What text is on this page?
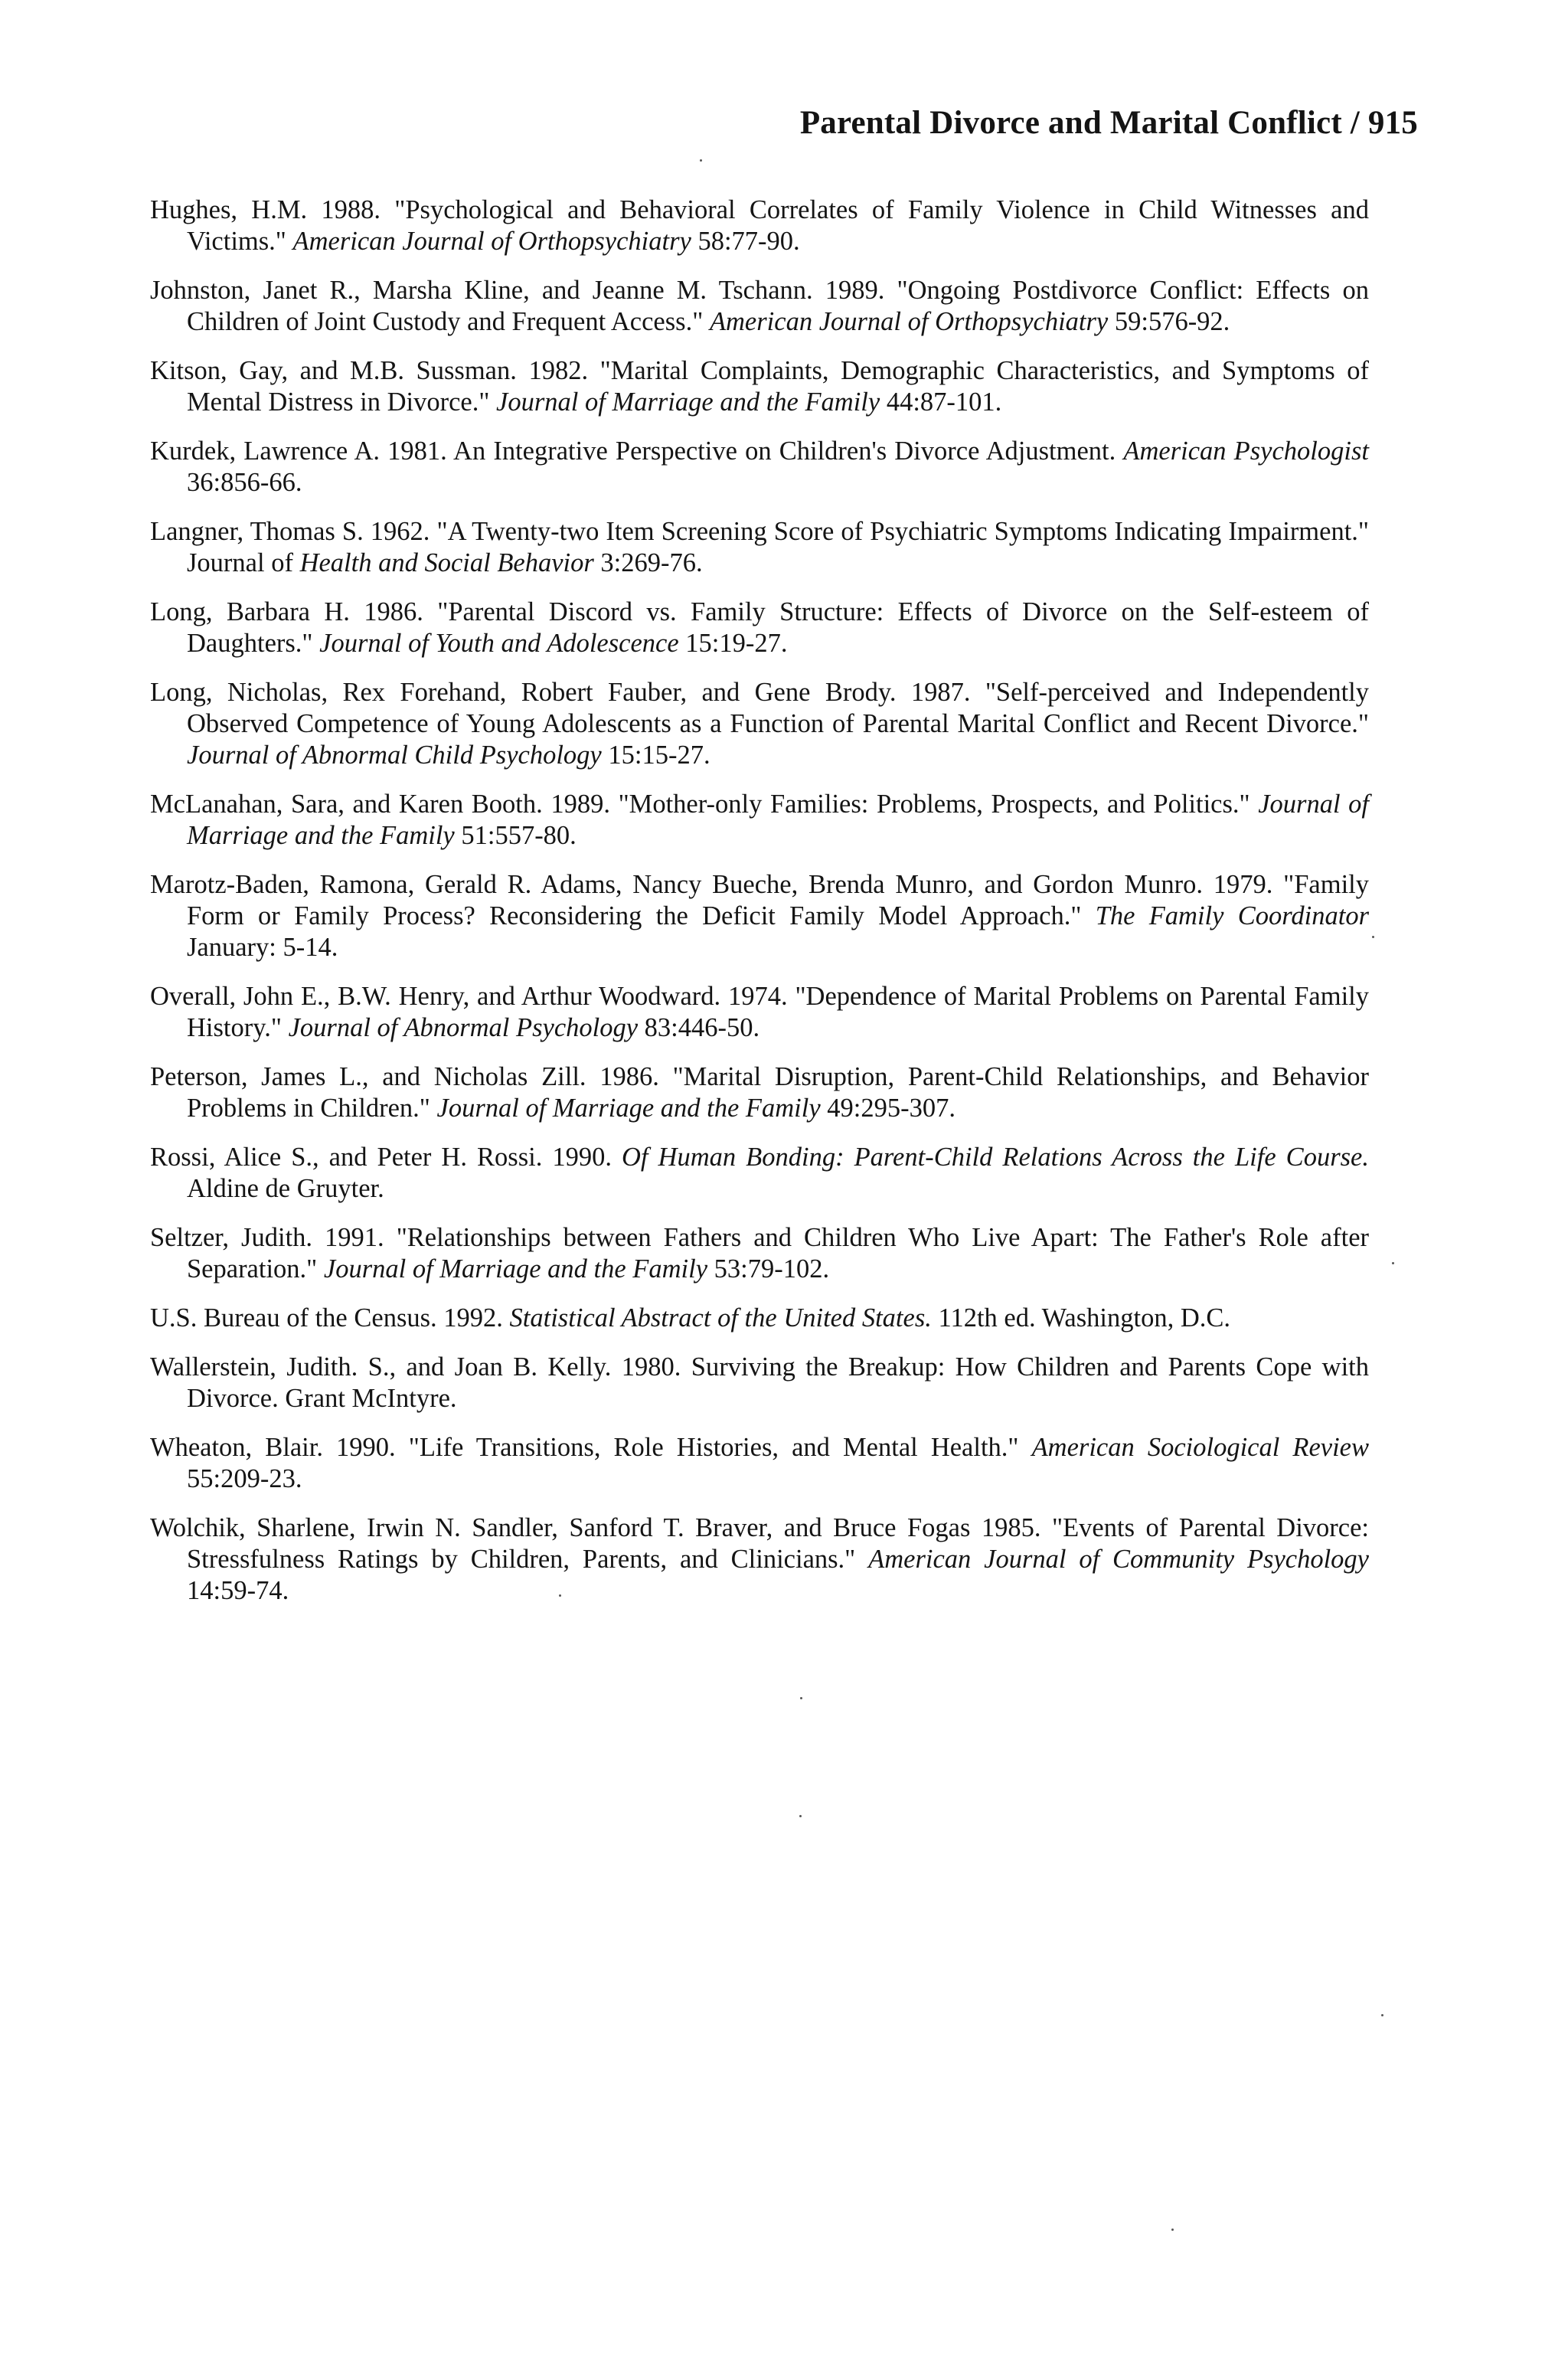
Parental Divorce and Marital Conflict / 915
Hughes, H.M. 1988. "Psychological and Behavioral Correlates of Family Violence in Child Witnesses and Victims." American Journal of Orthopsychiatry 58:77-90.
Johnston, Janet R., Marsha Kline, and Jeanne M. Tschann. 1989. "Ongoing Postdivorce Conflict: Effects on Children of Joint Custody and Frequent Access." American Journal of Orthopsychiatry 59:576-92.
Kitson, Gay, and M.B. Sussman. 1982. "Marital Complaints, Demographic Characteristics, and Symptoms of Mental Distress in Divorce." Journal of Marriage and the Family 44:87-101.
Kurdek, Lawrence A. 1981. An Integrative Perspective on Children's Divorce Adjustment. American Psychologist 36:856-66.
Langner, Thomas S. 1962. "A Twenty-two Item Screening Score of Psychiatric Symptoms Indicating Impairment." Journal of Health and Social Behavior 3:269-76.
Long, Barbara H. 1986. "Parental Discord vs. Family Structure: Effects of Divorce on the Self-esteem of Daughters." Journal of Youth and Adolescence 15:19-27.
Long, Nicholas, Rex Forehand, Robert Fauber, and Gene Brody. 1987. "Self-perceived and Independently Observed Competence of Young Adolescents as a Function of Parental Marital Conflict and Recent Divorce." Journal of Abnormal Child Psychology 15:15-27.
McLanahan, Sara, and Karen Booth. 1989. "Mother-only Families: Problems, Prospects, and Politics." Journal of Marriage and the Family 51:557-80.
Marotz-Baden, Ramona, Gerald R. Adams, Nancy Bueche, Brenda Munro, and Gordon Munro. 1979. "Family Form or Family Process? Reconsidering the Deficit Family Model Approach." The Family Coordinator January: 5-14.
Overall, John E., B.W. Henry, and Arthur Woodward. 1974. "Dependence of Marital Problems on Parental Family History." Journal of Abnormal Psychology 83:446-50.
Peterson, James L., and Nicholas Zill. 1986. "Marital Disruption, Parent-Child Relationships, and Behavior Problems in Children." Journal of Marriage and the Family 49:295-307.
Rossi, Alice S., and Peter H. Rossi. 1990. Of Human Bonding: Parent-Child Relations Across the Life Course. Aldine de Gruyter.
Seltzer, Judith. 1991. "Relationships between Fathers and Children Who Live Apart: The Father's Role after Separation." Journal of Marriage and the Family 53:79-102.
U.S. Bureau of the Census. 1992. Statistical Abstract of the United States. 112th ed. Washington, D.C.
Wallerstein, Judith. S., and Joan B. Kelly. 1980. Surviving the Breakup: How Children and Parents Cope with Divorce. Grant McIntyre.
Wheaton, Blair. 1990. "Life Transitions, Role Histories, and Mental Health." American Sociological Review 55:209-23.
Wolchik, Sharlene, Irwin N. Sandler, Sanford T. Braver, and Bruce Fogas 1985. "Events of Parental Divorce: Stressfulness Ratings by Children, Parents, and Clinicians." American Journal of Community Psychology 14:59-74.
